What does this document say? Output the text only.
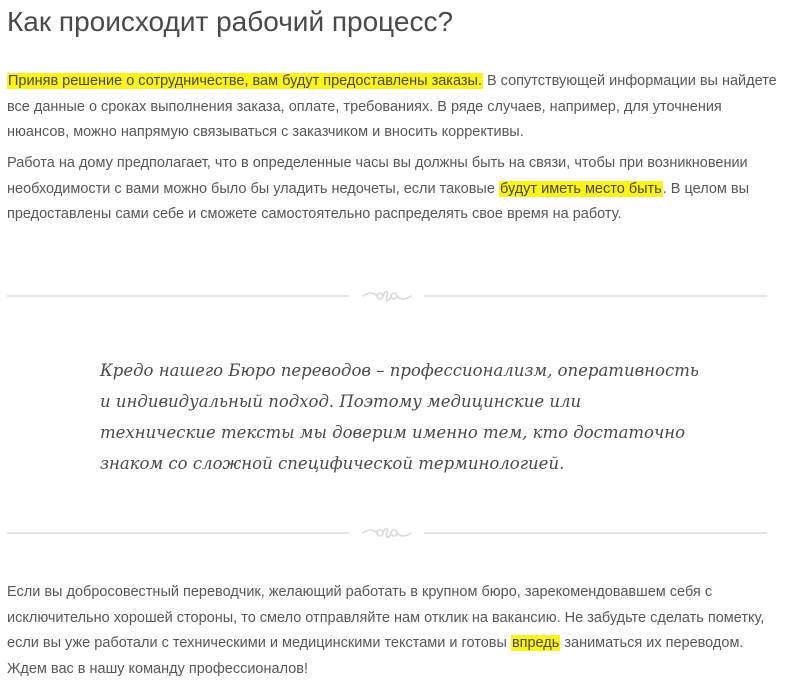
Как происходит рабочий процесс?

Приняв решение о сотрудничестве, вам будут предоставлены заказы. В сопутствующей информации вы найдете все данные о сроках выполнения заказа, оплате, требованиях. В ряде случаев, например, для уточнения нюансов, можно напрямую связываться с заказчиком и вносить коррективы.

Работа на дому предполагает, что в определенные часы вы должны быть на связи, чтобы при возникновении необходимости с вами можно было бы уладить недочеты, если таковые будут иметь место быть. В целом вы предоставлены сами себе и сможете самостоятельно распределять свое время на работу.

Кредо нашего Бюро переводов – профессионализм, оперативность и индивидуальный подход. Поэтому медицинские или технические тексты мы доверим именно тем, кто достаточно знаком со сложной специфической терминологией.

Если вы добросовестный переводчик, желающий работать в крупном бюро, зарекомендовавшем себя с исключительно хорошей стороны, то смело отправляйте нам отклик на вакансию. Не забудьте сделать пометку, если вы уже работали с техническими и медицинскими текстами и готовы впредь заниматься их переводом. Ждем вас в нашу команду профессионалов!
